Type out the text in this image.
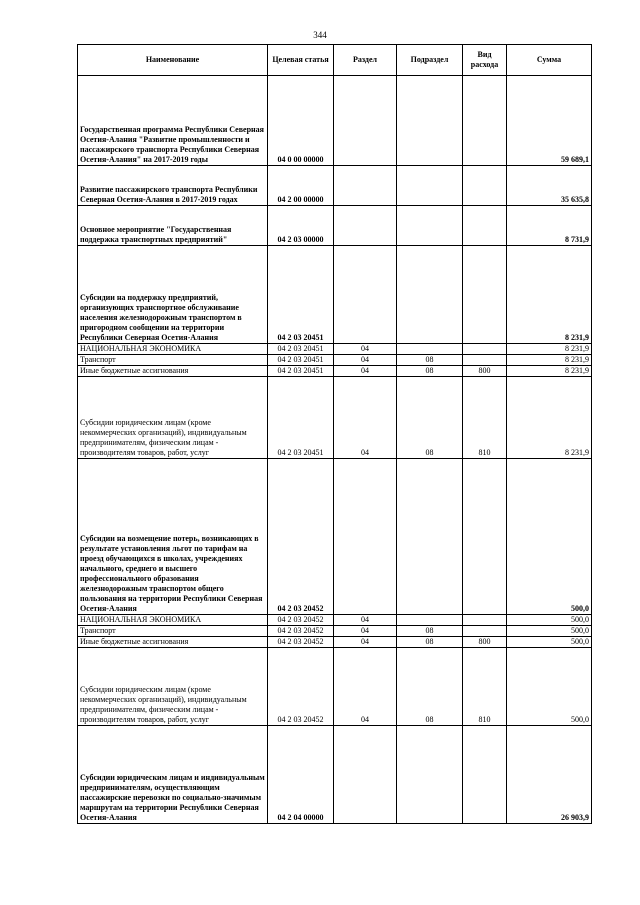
344
Наименование	Целевая статья	Раздел	Подраздел	Вид расхода	Сумма
Государственная программа Республики Северная Осетия-Алания "Развитие промышленности и пассажирского транспорта Республики Северная Осетия-Алания" на 2017-2019 годы	04 0 00 00000				59 689,1
Развитие пассажирского транспорта Республики Северная Осетия-Алания в 2017-2019 годах	04 2 00 00000				35 635,8
Основное мероприятие "Государственная поддержка транспортных предприятий"	04 2 03 00000				8 731,9
Субсидии на поддержку предприятий, организующих транспортное обслуживание населения железнодорожным транспортом в пригородном сообщении на территории Республики Северная Осетия-Алания	04 2 03 20451				8 231,9
НАЦИОНАЛЬНАЯ ЭКОНОМИКА	04 2 03 20451	04			8 231,9
Транспорт	04 2 03 20451	04	08		8 231,9
Иные бюджетные ассигнования	04 2 03 20451	04	08	800	8 231,9
Субсидии юридическим лицам (кроме некоммерческих организаций), индивидуальным предпринимателям, физическим лицам - производителям товаров, работ, услуг	04 2 03 20451	04	08	810	8 231,9
Субсидии на возмещение потерь, возникающих в результате установления льгот по тарифам на проезд обучающихся в школах, учреждениях начального, среднего и высшего профессионального образования железнодорожным транспортом общего пользования на территории Республики Северная Осетия-Алания	04 2 03 20452				500,0
НАЦИОНАЛЬНАЯ ЭКОНОМИКА	04 2 03 20452	04			500,0
Транспорт	04 2 03 20452	04	08		500,0
Иные бюджетные ассигнования	04 2 03 20452	04	08	800	500,0
Субсидии юридическим лицам (кроме некоммерческих организаций), индивидуальным предпринимателям, физическим лицам - производителям товаров, работ, услуг	04 2 03 20452	04	08	810	500,0
Субсидии юридическим лицам и индивидуальным предпринимателям, осуществляющим пассажирские перевозки по социально-значимым маршрутам на территории Республики Северная Осетия-Алания	04 2 04 00000				26 903,9
